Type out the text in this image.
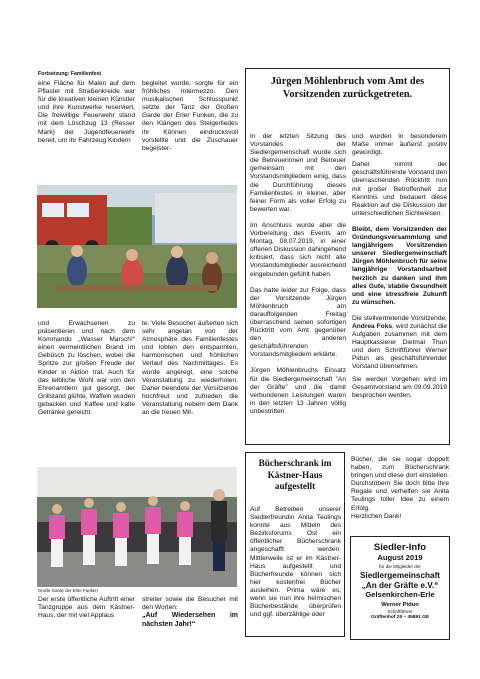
Fortsetzung: Familienfest
eine Fläche für Malen auf dem Pflaster mit Straßenkreide war für die kreativen kleinen Künstler und ihre Kunstwerke reserviert. Die freiwillige Feuerwehr stand mit dem Löschzug 13 (Resser Mark) der Jugendfeuerwehr bereit, um ihr Fahrzeug Kindern
begleitet wurde, sorgte für ein fröhliches Intermezzo. Den musikalischen Schlusspunkt setzte der Tanz der Großen Garde der Erler Funken, die zu den Klängen des Steigerliedes ihr Können eindrucksvoll vorstellte und die Zuschauer begeister-
und Erwachsenen zu präsentieren und nach dem Kommando „Wasser Marsch!“ einen vermeintlichen Brand im Gebüsch zu löschen, wobei die Spritze zur großen Freude der Kinder in Aktion trat. Auch für das leibliche Wohl war von den Ehrenamtlern gut gesorgt, der Grillstand glühte, Waffeln wurden gebacken und Kaffee und kalte Getränke gereicht.
te. Viele Besucher äußerten sich sehr angetan von der Atmosphäre des Familienfestes und lobten den entspannten, harmonischen und fröhlichen Verlauf des Nachmittages. Es wurde angeregt, eine solche Veranstaltung zu wiederholen. Daher beendete der Vorsitzende hochfreut und zufrieden die Veranstaltung nebem dem Dank an die treuen Mit-
Große Garde der Erler Funken
Der erste öffentliche Auftritt einer Tanzgruppe aus dem Kästner-Haus, der mit viel Applaus

streiter sowie die Besucher mit den Worten:

„Auf Wiedersehen im nächsten Jahr!“

Jürgen Möhlenbruch vom Amt des Vorsitzenden zurückgetreten.

In der letzten Sitzung des Vorstandes der Siedlergemeinschaft wurde sich die Betreuerinnen und Betreuer gemeinsam mit den Vorstandsmitgliedern einig, dass die Durchführung dieses Familienfestes in kleiner, aber feiner Form als voller Erfolg zu bewerten war.

Im Anschluss wurde aber die Vorbereitung des Events am Montag, 08.07.2019, in einer offenen Diskussion dahingehend kritisiert, dass sich nicht alle Vorstandsmitglieder ausreichend eingebunden gefühlt haben.

Das hatte leider zur Folge, dass der Vorsitzende Jürgen Möhlenbruch am darauffolgenden Freitag überraschend seinen sofortigen Rücktritt vom Amt gegenüber den anderen geschäftsführenden Vorstandsmitgliedern erklärte.

Jürgen Möhlenbruchs Einsatz für die Siedlergemeinschaft "An der Gräfte" und die damit verbundenen Leistungen waren in den letzten 13 Jahren völlig unbestritten

und wurden in besonderem Maße immer äußerst positiv gewürdigt.

Daher nimmt der geschäftsführende Vorstand den überraschenden Rücktritt nun mit großer Betroffenheit zur Kenntnis und bedauert diese Reaktion auf die Diskussion der unterschiedlichen Sichtweisen.

Bleibt, dem Vorsitzenden der Gründungsversammlung und langjährigem Vorsitzenden unserer Siedlergemeinschaft Jürgen Möhlenbruch für seine langjährige Vorstandsarbeit herzlich zu danken und ihm alles Gute, stabile Gesundheit und eine stressfreie Zukunft zu wünschen.

Die stellvertretende Vorsitzende, Andrea Foks, wird zunächst die Aufgaben zusammen mit dem Hauptkassierer Dietmar Thun und dem Schriftführer Werner Pidun als geschäftsführender Vorstand übernehmen.

Sie werden Vorgehen wird im Gesamtvorstand am 09.09.2019 besprochen werden.

Bücherschrank im Kästner-Haus aufgestellt
Auf Betreiben unserer Siedlerfreundin Anita Teulings konnte aus Mitteln des Bezirksforums Ost ein öffentlicher Bücherschrank angeschafft werden. Mittlerweile ist er im Kästner-Haus aufgestellt und Bücherfreunde können sich hier kostenfrei Bücher ausleihen. Prima wäre es, wenn sie nun ihre heimischen Bücherbestände überprüfen und ggf. überzählige oder

Bücher, die sie sogar doppelt haben, zum Bücherschrank bringen und diese dort einstellen. Durchstöbern Sie doch bitte Ihre Regale und verhelfen sie Anita Teulings toller Idee zu einem Erfolg.

Herzlichen Dank!

Siedler-Info
August 2019
für die Mitglieder der
Siedlergemeinschaft
„An der Gräfte e.V.“
Gelsenkirchen-Erle
Werner Pidun
Schriftführer
Gräftenhof 25 – 45891 GE
